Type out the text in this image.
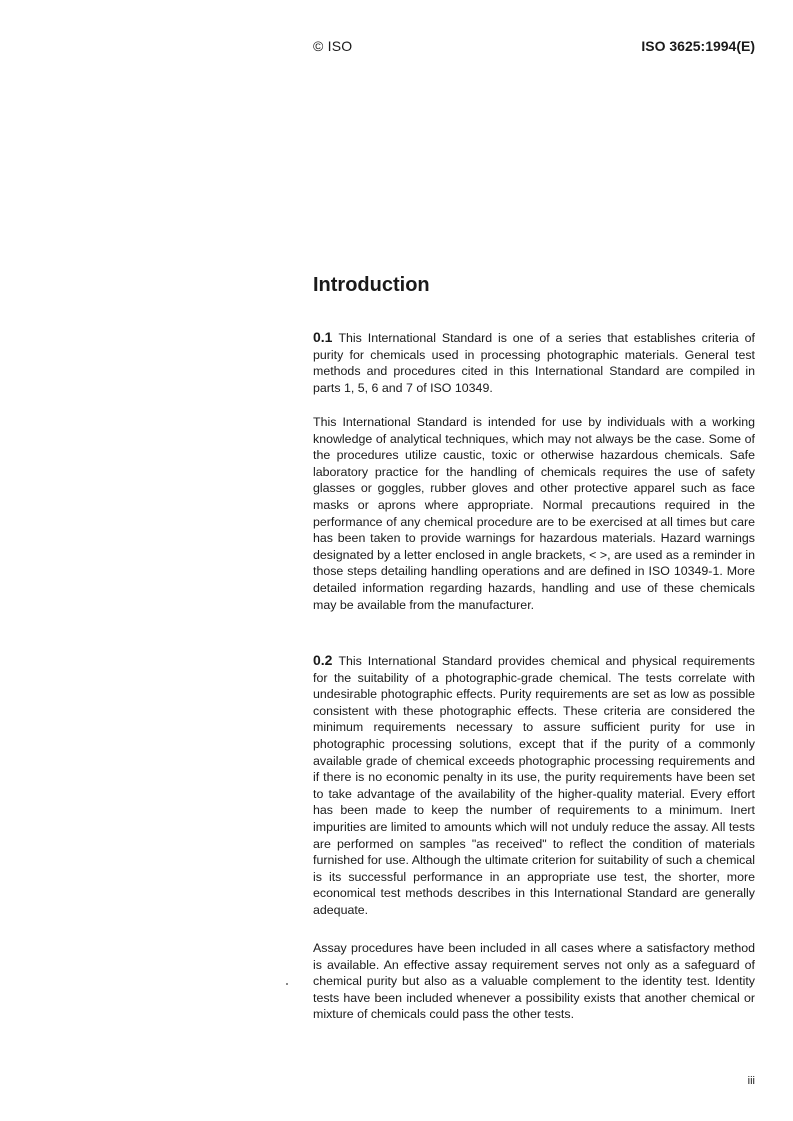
© ISO	ISO 3625:1994(E)
Introduction

0.1 This International Standard is one of a series that establishes criteria of purity for chemicals used in processing photographic materials. General test methods and procedures cited in this International Standard are compiled in parts 1, 5, 6 and 7 of ISO 10349.

This International Standard is intended for use by individuals with a working knowledge of analytical techniques, which may not always be the case. Some of the procedures utilize caustic, toxic or otherwise hazardous chemicals. Safe laboratory practice for the handling of chemicals requires the use of safety glasses or goggles, rubber gloves and other protective apparel such as face masks or aprons where appropriate. Normal precautions required in the performance of any chemical procedure are to be exercised at all times but care has been taken to provide warnings for hazardous materials. Hazard warnings designated by a letter enclosed in angle brackets, < >, are used as a reminder in those steps detailing handling operations and are defined in ISO 10349-1. More detailed information regarding hazards, handling and use of these chemicals may be available from the manufacturer.

0.2 This International Standard provides chemical and physical requirements for the suitability of a photographic-grade chemical. The tests correlate with undesirable photographic effects. Purity requirements are set as low as possible consistent with these photographic effects. These criteria are considered the minimum requirements necessary to assure sufficient purity for use in photographic processing solutions, except that if the purity of a commonly available grade of chemical exceeds photographic processing requirements and if there is no economic penalty in its use, the purity requirements have been set to take advantage of the availability of the higher-quality material. Every effort has been made to keep the number of requirements to a minimum. Inert impurities are limited to amounts which will not unduly reduce the assay. All tests are performed on samples "as received" to reflect the condition of materials furnished for use. Although the ultimate criterion for suitability of such a chemical is its successful performance in an appropriate use test, the shorter, more economical test methods describes in this International Standard are generally adequate.

Assay procedures have been included in all cases where a satisfactory method is available. An effective assay requirement serves not only as a safeguard of chemical purity but also as a valuable complement to the identity test. Identity tests have been included whenever a possibility exists that another chemical or mixture of chemicals could pass the other tests.

iii
